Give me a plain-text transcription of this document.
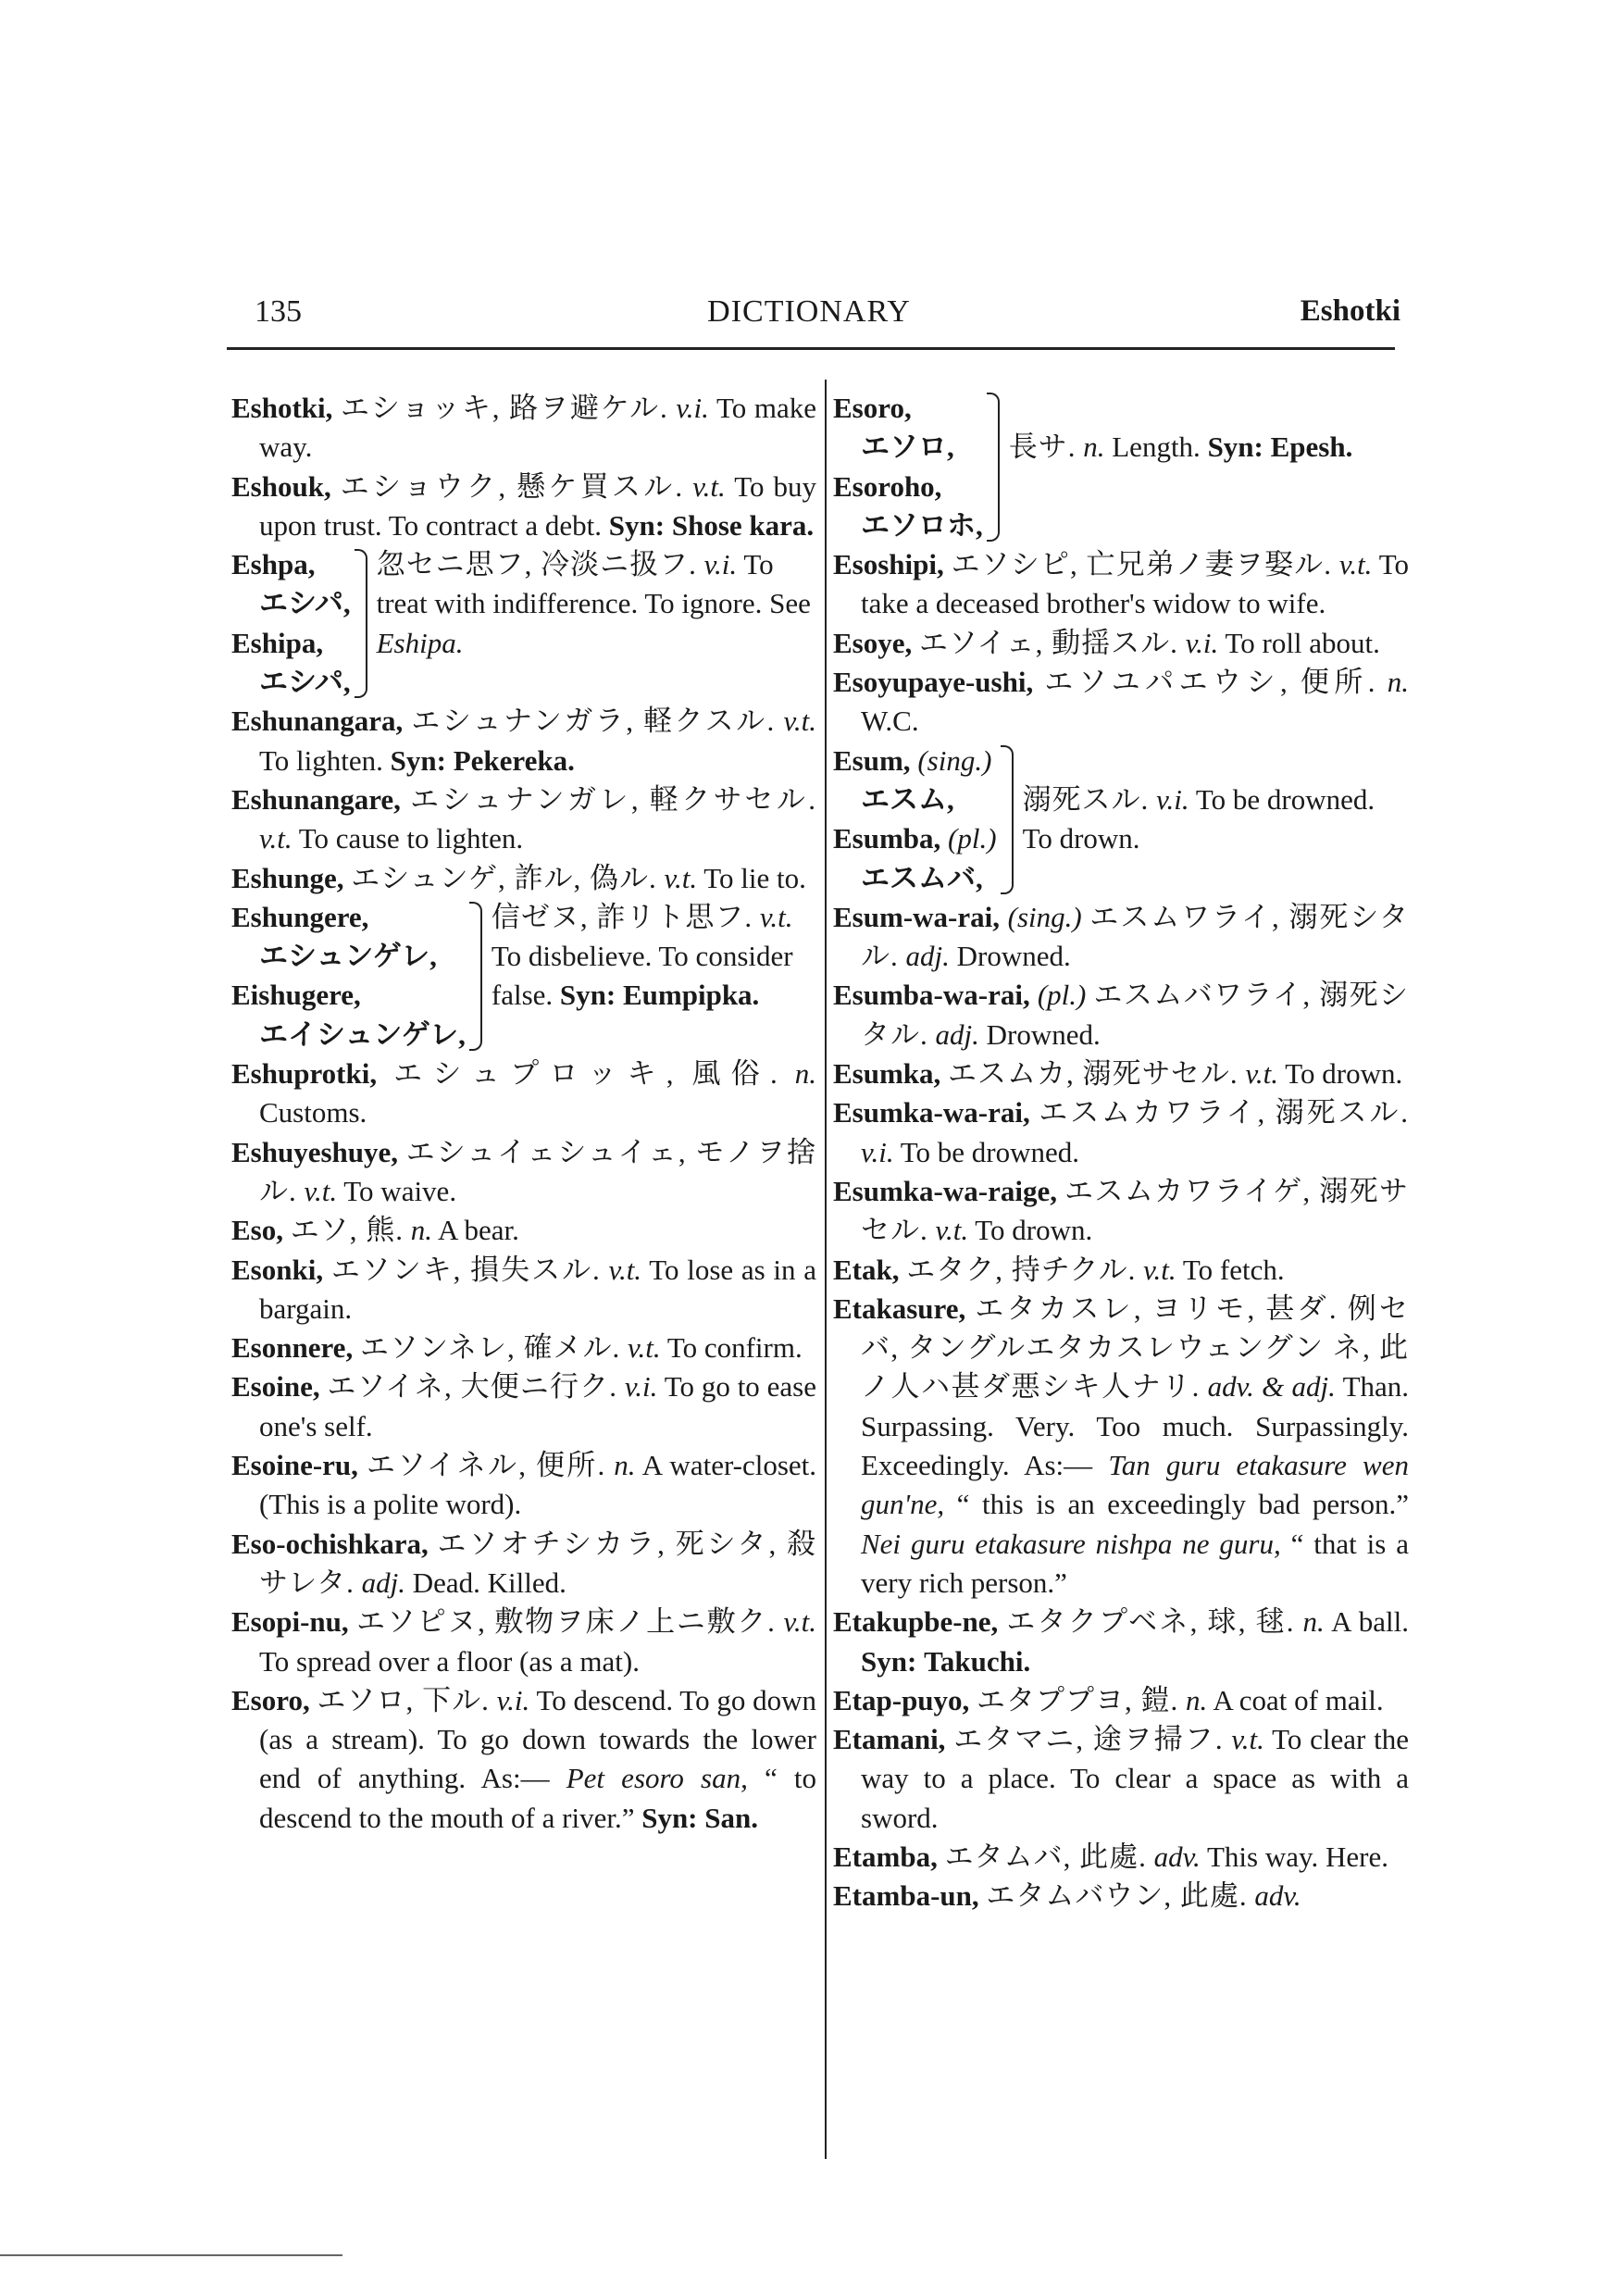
135	DICTIONARY	Eshotki

Eshotki, エショッキ, 路ヲ避ケル. v.i. To make way.

Eshouk, エショウク, 懸ケ買スル. v.t. To buy upon trust. To contract a debt. Syn: Shose kara.

Eshpa,
エシパ,
Eshipa,
エシパ,
忽セニ思フ, 冷淡ニ扱フ. v.i. To treat with indifference. To ignore. See Eshipa.

Eshunangara, エシュナンガラ, 軽クスル. v.t. To lighten. Syn: Pekereka.

Eshunangare, エシュナンガレ, 軽クサセル. v.t. To cause to lighten.

Eshunge, エシュンゲ, 詐ル, 偽ル. v.t. To lie to.

Eshungere,
エシュンゲレ,
Eishugere,
エイシュンゲレ,
信ゼヌ, 詐リト思フ. v.t. To disbelieve. To consider false. Syn: Eumpipka.

Eshuprotki, エシュプロッキ, 風俗. n. Customs.

Eshuyeshuye, エシュイェシュイェ, モノヲ捨ル. v.t. To waive.

Eso, エソ, 熊. n. A bear.

Esonki, エソンキ, 損失スル. v.t. To lose as in a bargain.

Esonnere, エソンネレ, 確メル. v.t. To confirm.

Esoine, エソイネ, 大便ニ行ク. v.i. To go to ease one's self.

Esoine-ru, エソイネル, 便所. n. A water-closet. (This is a polite word).

Eso-ochishkara, エソオチシカラ, 死シタ, 殺サレタ. adj. Dead. Killed.

Esopi-nu, エソピヌ, 敷物ヲ床ノ上ニ敷ク. v.t. To spread over a floor (as a mat).

Esoro, エソロ, 下ル. v.i. To descend. To go down (as a stream). To go down towards the lower end of anything. As:— Pet esoro san, “ to descend to the mouth of a river.” Syn: San.

Esoro,
エソロ,
Esoroho,
エソロホ,

長サ. n. Length. Syn: Epesh.

Esoshipi, エソシピ, 亡兄弟ノ妻ヲ娶ル. v.t. To take a deceased brother's widow to wife.

Esoye, エソイェ, 動揺スル. v.i. To roll about.

Esoyupaye-ushi, エソユパエウシ, 便所. n. W.C.

Esum, (sing.)
エスム,
Esumba, (pl.)
エスムバ,

溺死スル. v.i. To be drowned. To drown.

Esum-wa-rai, (sing.) エスムワライ, 溺死シタル. adj. Drowned.

Esumba-wa-rai, (pl.) エスムバワライ, 溺死シタル. adj. Drowned.

Esumka, エスムカ, 溺死サセル. v.t. To drown.

Esumka-wa-rai, エスムカワライ, 溺死スル. v.i. To be drowned.

Esumka-wa-raige, エスムカワライゲ, 溺死サセル. v.t. To drown.

Etak, エタク, 持チクル. v.t. To fetch.

Etakasure, エタカスレ, ヨリモ, 甚ダ. 例セバ, タングルエタカスレウェングン ネ, 此ノ人ハ甚ダ悪シキ人ナリ. adv. & adj. Than. Surpassing. Very. Too much. Surpassingly. Exceedingly. As:— Tan guru etakasure wen gun'ne, “ this is an exceedingly bad person.” Nei guru etakasure nishpa ne guru, “ that is a very rich person.”

Etakupbe-ne, エタクプベネ, 球, 毬. n. A ball. Syn: Takuchi.

Etap-puyo, エタププヨ, 鎧. n. A coat of mail.

Etamani, エタマニ, 途ヲ掃フ. v.t. To clear the way to a place. To clear a space as with a sword.

Etamba, エタムバ, 此處. adv. This way. Here.

Etamba-un, エタムバウン, 此處. adv.
